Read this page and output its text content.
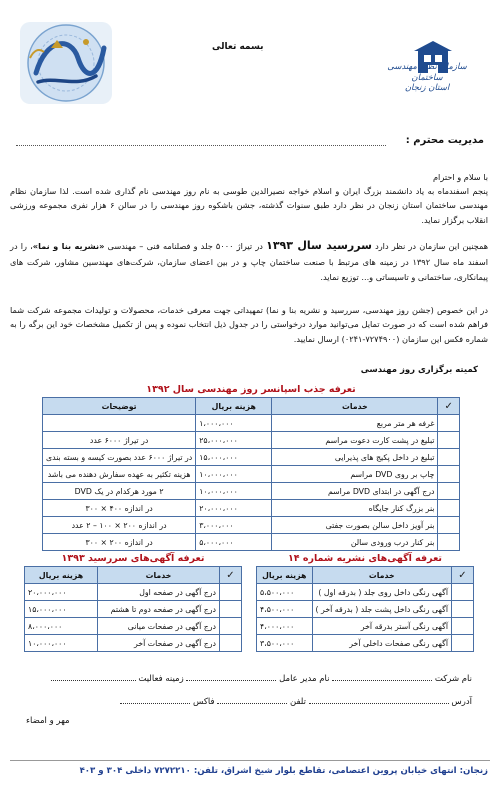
بسمه تعالی
سازمان نظام مهندسی ساختمان
استان زنجان
مدیریت محترم :
با سلام و احترام
پنجم اسفندماه به یاد دانشمند بزرگ ایران و اسلام خواجه نصیرالدین طوسی به نام روز مهندسی نام گذاری شده است. لذا سازمان نظام مهندسی ساختمان استان زنجان در نظر دارد طبق سنوات گذشته، جشن باشکوه روز مهندسی را در سالن ۶ هزار نفری مجموعه ورزشی انقلاب برگزار نماید.
همچنین این سازمان در نظر دارد سررسید سال ۱۳۹۳ در تیراژ ۵۰۰۰ جلد و فصلنامه فنی – مهندسی «نشریه بنا و نما»، را در اسفند ماه سال ۱۳۹۲ در زمینه های مرتبط با صنعت ساختمان چاپ و در بین اعضای سازمان، شرکت‌های مهندسین مشاور، شرکت های پیمانکاری، ساختمانی و تاسیساتی و... توزیع نماید.
در این خصوص (جشن روز مهندسی، سررسید و نشریه بنا و نما) تمهیداتی جهت معرفی خدمات، محصولات و تولیدات مجموعه شرکت شما فراهم شده است که در صورت تمایل می‌توانید موارد درخواستی را در جدول ذیل انتخاب نموده و پس از تکمیل مشخصات خود این برگه را به شماره فکس این سازمان (۷۲۷۴۹۰۰-۰۲۴۱) ارسال نمایید.
کمیته برگزاری روز مهندسی
تعرفه جذب اسپانسر روز مهندسی سال ۱۳۹۲
✓	خدمات	هزینه بریال	توضیحات
	غرفه هر متر مربع	۱،۰۰۰،۰۰۰	
	تبلیغ در پشت کارت دعوت مراسم	۲۵،۰۰۰،۰۰۰	در تیراژ ۶۰۰۰ عدد
	تبلیغ در داخل پکیج های پذیرایی	۱۵،۰۰۰،۰۰۰	در تیراژ ۶۰۰۰ عدد بصورت کیسه و بسته بندی
	چاپ بر روی DVD مراسم	۱۰،۰۰۰،۰۰۰	هزینه تکثیر به عهده سفارش دهنده می باشد
	درج آگهی در ابتدای DVD مراسم	۱۰،۰۰۰،۰۰۰	۲ مورد هرکدام در یک DVD
	بنر بزرگ کنار جایگاه	۲۰،۰۰۰،۰۰۰	در اندازه ۴۰۰ × ۳۰۰
	بنر آویز داخل سالن بصورت جفتی	۳،۰۰۰،۰۰۰	در اندازه ۲۰۰ × ۱۰۰ – ۲ عدد
	بنر کنار درب ورودی سالن	۵،۰۰۰،۰۰۰	در اندازه ۲۰۰ × ۳۰۰
تعرفه آگهی‌های نشریه شماره ۱۴
✓	خدمات	هزینه بریال
	آگهی رنگی داخل روی جلد ( بدرقه اول )	۵،۵۰۰،۰۰۰
	آگهی رنگی داخل پشت جلد ( بدرقه آخر )	۴،۵۰۰،۰۰۰
	آگهی رنگی آستر بدرقه آخر	۴،۰۰۰،۰۰۰
	آگهی رنگی صفحات داخلی آخر	۳،۵۰۰،۰۰۰
تعرفه آگهی‌های سررسید ۱۳۹۳
✓	خدمات	هزینه بریال
	درج آگهی در صفحه اول	۲۰،۰۰۰،۰۰۰
	درج آگهی در صفحه دوم تا هشتم	۱۵،۰۰۰،۰۰۰
	درج آگهی در صفحات میانی	۸،۰۰۰،۰۰۰
	درج آگهی در صفحات آخر	۱۰،۰۰۰،۰۰۰
نام شرکت  نام مدیر عامل  زمینه فعالیت
آدرس  تلفن  فاکس
مهر و امضاء
زنجان: انتهای خیابان پروین اعتصامی، تقاطع بلوار شیخ اشراق، تلفن: ۷۲۷۲۲۱۰ داخلی ۳۰۴ و ۴۰۳
